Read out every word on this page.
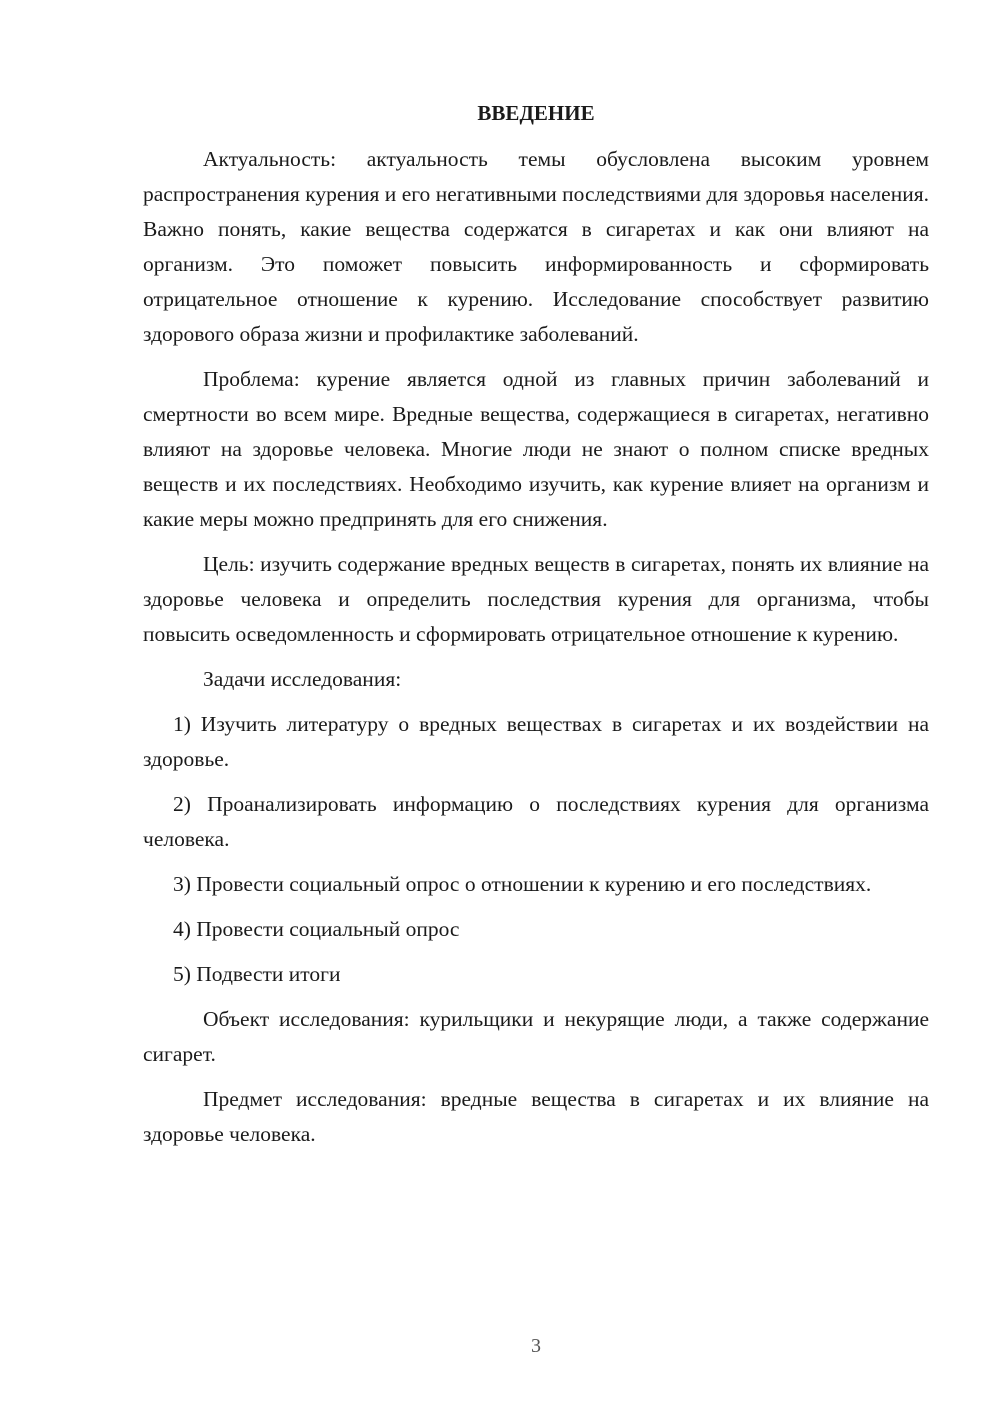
ВВЕДЕНИЕ

Актуальность: актуальность темы обусловлена высоким уровнем распространения курения и его негативными последствиями для здоровья населения. Важно понять, какие вещества содержатся в сигаретах и как они влияют на организм. Это поможет повысить информированность и сформировать отрицательное отношение к курению. Исследование способствует развитию здорового образа жизни и профилактике заболеваний.

Проблема: курение является одной из главных причин заболеваний и смертности во всем мире. Вредные вещества, содержащиеся в сигаретах, негативно влияют на здоровье человека. Многие люди не знают о полном списке вредных веществ и их последствиях. Необходимо изучить, как курение влияет на организм и какие меры можно предпринять для его снижения.

Цель: изучить содержание вредных веществ в сигаретах, понять их влияние на здоровье человека и определить последствия курения для организма, чтобы повысить осведомленность и сформировать отрицательное отношение к курению.

Задачи исследования:

1) Изучить литературу о вредных веществах в сигаретах и их воздействии на здоровье.

2) Проанализировать информацию о последствиях курения для организма человека.

3) Провести социальный опрос о отношении к курению и его последствиях.

4) Провести социальный опрос

5) Подвести итоги

Объект исследования: курильщики и некурящие люди, а также содержание сигарет.

Предмет исследования: вредные вещества в сигаретах и их влияние на здоровье человека.

3
